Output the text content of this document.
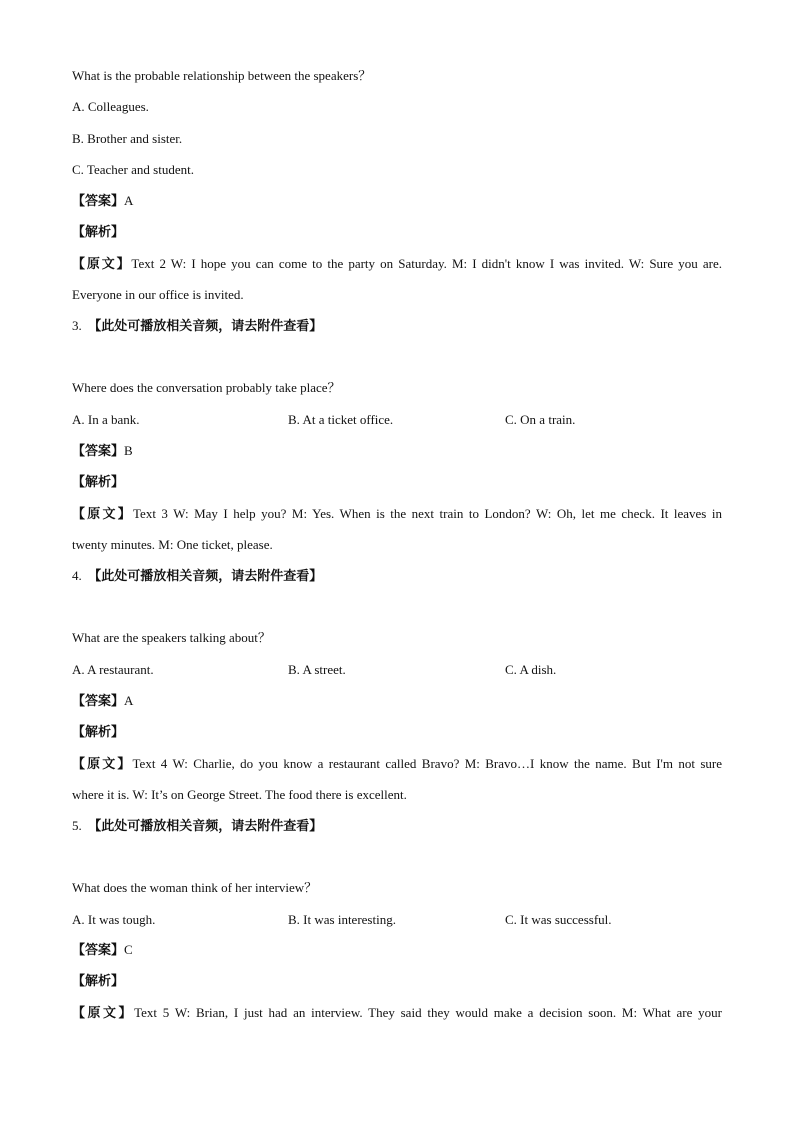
What is the probable relationship between the speakers？
A. Colleagues.
B. Brother and sister.
C. Teacher and student.
【答案】A
【解析】
【原文】Text 2 W: I hope you can come to the party on Saturday. M: I didn't know I was invited. W: Sure you are.
Everyone in our office is invited.
3. 【此处可播放相关音频，请去附件查看】
Where does the conversation probably take place？
A. In a bank.	B. At a ticket office.	C. On a train.
【答案】B
【解析】
【原文】Text 3 W: May I help you? M: Yes. When is the next train to London? W: Oh, let me check. It leaves in
twenty minutes. M: One ticket, please.
4. 【此处可播放相关音频，请去附件查看】
What are the speakers talking about？
A. A restaurant.	B. A street.	C. A dish.
【答案】A
【解析】
【原文】Text 4 W: Charlie, do you know a restaurant called Bravo? M: Bravo…I know the name. But I'm not sure
where it is. W: It’s on George Street. The food there is excellent.
5. 【此处可播放相关音频，请去附件查看】
What does the woman think of her interview？
A. It was tough.	B. It was interesting.	C. It was successful.
【答案】C
【解析】
【原文】Text 5 W: Brian, I just had an interview. They said they would make a decision soon. M: What are your
